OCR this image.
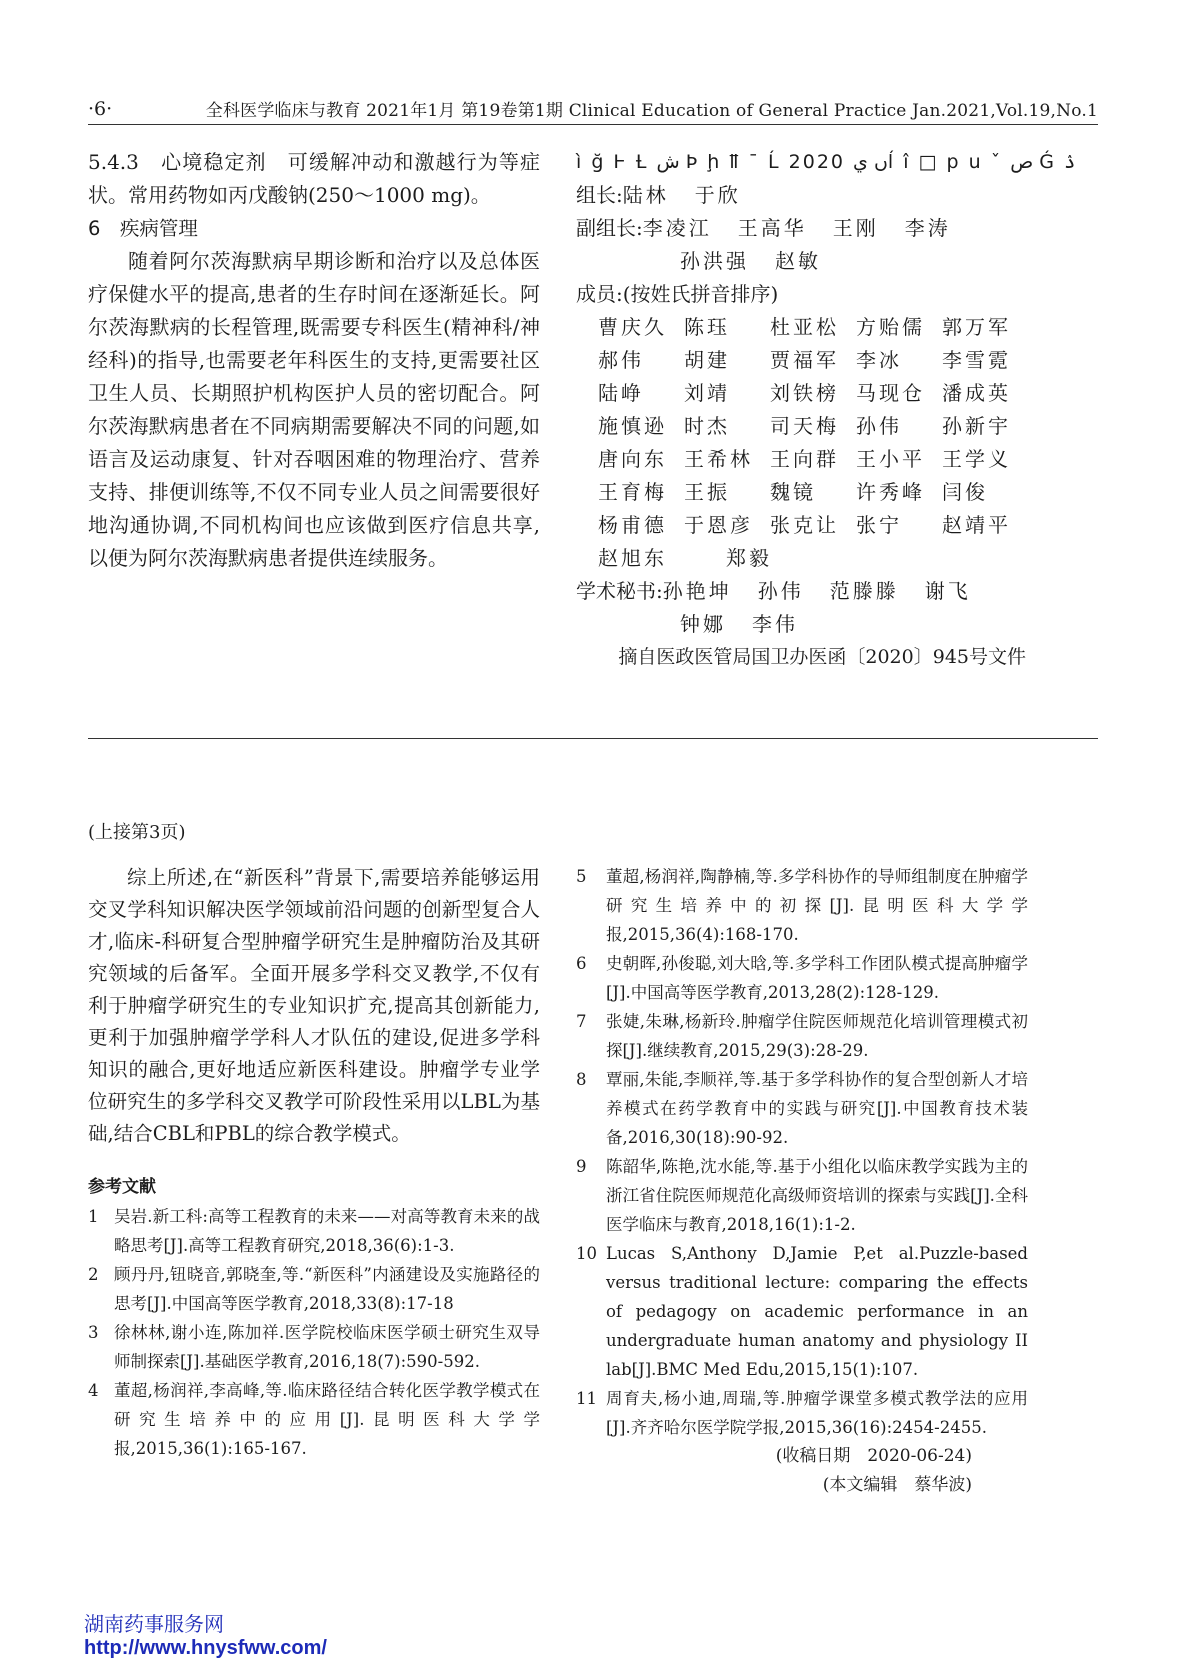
·6·	全科医学临床与教育 2021年1月 第19卷第1期 Clinical Education of General Practice Jan.2021,Vol.19,No.1

5.4.3　心境稳定剂　可缓解冲动和激越行为等症状。常用药物如丙戊酸钠(250～1000 mg)。

6　疾病管理

随着阿尔茨海默病早期诊断和治疗以及总体医疗保健水平的提高,患者的生存时间在逐渐延长。阿尔茨海默病的长程管理,既需要专科医生(精神科/神经科)的指导,也需要老年科医生的支持,更需要社区卫生人员、长期照护机构医护人员的密切配合。阿尔茨海默病患者在不同病期需要解决不同的问题,如语言及运动康复、针对吞咽困难的物理治疗、营养支持、排便训练等,不仅不同专业人员之间需要很好地沟通协调,不同机构间也应该做到医疗信息共享,以便为阿尔茨海默病患者提供连续服务。

ì ğ Ⱶ Ƚ ش Þ ḩ ỻ ˉ Ĺ 2020 ں يĺ î □ p u ˇ ص Ǵ ۮ
组长: 陆林 于欣
副组长: 李凌江 王高华 王刚 李涛
孙洪强 赵敏
成员:(按姓氏拼音排序)
曹庆久 陈珏	杜亚松 方贻儒 郭万军
郝伟	胡建	贾福军 李冰	李雪霓
陆峥	刘靖	刘铁榜 马现仓 潘成英
施慎逊 时杰	司天梅 孙伟	孙新宇
唐向东 王希林 王向群 王小平 王学义
王育梅 王振	魏镜	许秀峰 闫俊
杨甫德 于恩彦 张克让 张宁	赵靖平
赵旭东	郑毅
学术秘书: 孙艳坤 孙伟 范滕滕 谢飞
钟娜 李伟
摘自医政医管局国卫办医函〔2020〕945号文件
(上接第3页)

综上所述,在“新医科”背景下,需要培养能够运用交叉学科知识解决医学领域前沿问题的创新型复合人才,临床-科研复合型肿瘤学研究生是肿瘤防治及其研究领域的后备军。全面开展多学科交叉教学,不仅有利于肿瘤学研究生的专业知识扩充,提高其创新能力,更利于加强肿瘤学学科人才队伍的建设,促进多学科知识的融合,更好地适应新医科建设。肿瘤学专业学位研究生的多学科交叉教学可阶段性采用以LBL为基础,结合CBL和PBL的综合教学模式。

参考文献

1 吴岩.新工科:高等工程教育的未来——对高等教育未来的战略思考[J].高等工程教育研究,2018,36(6):1-3.
2 顾丹丹,钮晓音,郭晓奎,等.“新医科”内涵建设及实施路径的思考[J].中国高等医学教育,2018,33(8):17-18
3 徐林林,谢小连,陈加祥.医学院校临床医学硕士研究生双导师制探索[J].基础医学教育,2016,18(7):590-592.
4 董超,杨润祥,李高峰,等.临床路径结合转化医学教学模式在研究生培养中的应用[J].昆明医科大学学报,2015,36(1):165-167.
5	董超,杨润祥,陶静楠,等.多学科协作的导师组制度在肿瘤学研究生培养中的初探[J].昆明医科大学学报,2015,36(4):168-170.
6	史朝晖,孙俊聪,刘大晗,等.多学科工作团队模式提高肿瘤学[J].中国高等医学教育,2013,28(2):128-129.
7	张婕,朱琳,杨新玲.肿瘤学住院医师规范化培训管理模式初探[J].继续教育,2015,29(3):28-29.
8	覃丽,朱能,李顺祥,等.基于多学科协作的复合型创新人才培养模式在药学教育中的实践与研究[J].中国教育技术装备,2016,30(18):90-92.
9	陈韶华,陈艳,沈水能,等.基于小组化以临床教学实践为主的浙江省住院医师规范化高级师资培训的探索与实践[J].全科医学临床与教育,2018,16(1):1-2.
10 Lucas S,Anthony D,Jamie P,et al.Puzzle-based versus traditional lecture: comparing the effects of pedagogy on academic performance in an undergraduate human anatomy and physiology II lab[J].BMC Med Edu,2015,15(1):107.
11 周育夫,杨小迪,周瑞,等.肿瘤学课堂多模式教学法的应用[J].齐齐哈尔医学院学报,2015,36(16):2454-2455.
(收稿日期　2020-06-24)
(本文编辑　蔡华波)
湖南药事服务网
http://www.hnysfww.com/
